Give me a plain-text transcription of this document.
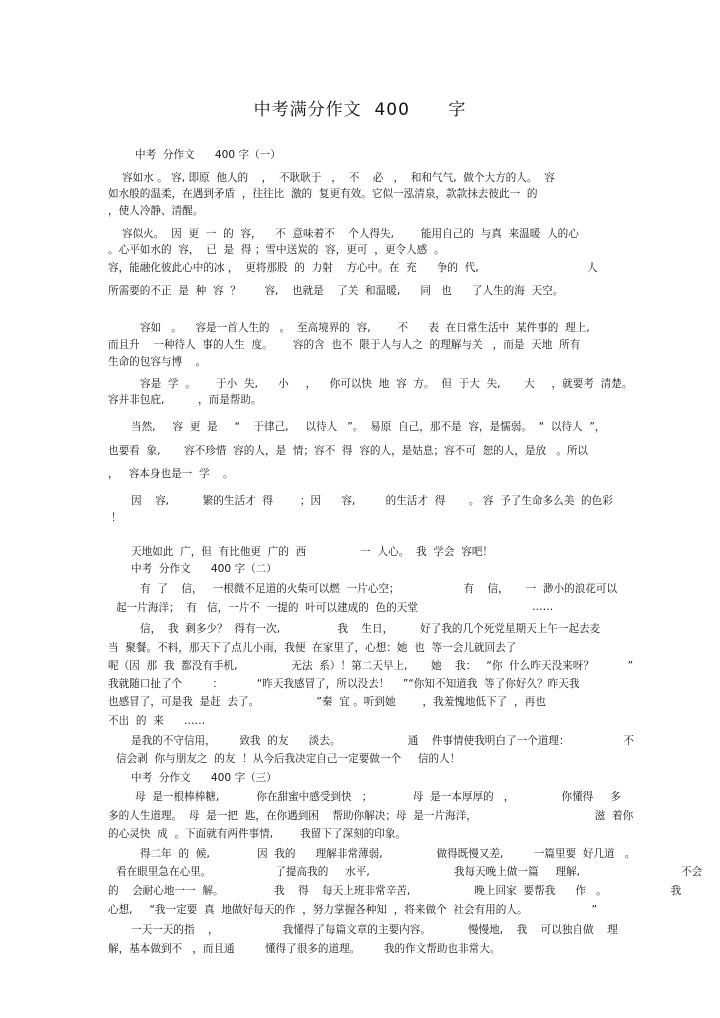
中考满分作文  400      字
中考  分作文      400 字（一）
容如水 。 容, 即原  他人的    ，  不耿耿于   ，  不    必   ，  和和气气,  做个大方的人。  容
如水般的温柔，在遇到矛盾  ，往往比  激的  复更有效。它似一泓清泉，款款抹去彼此一  的
，使人冷静、清醒。
容似火。  因  更  一  的  容，    不  意味着不    个人得失,        能用自己的  与真  来温暖  人的心
。心平如水的  容，  已  是  得 ；雪中送炭的  容，更可  ，更令人感  。
容，能融化彼此心中的冰 ，  更将那股  的  力射    方心中。在  充      争的  代,	人
所需要的不正  是  种  容  ？       容,    也就是    了关  和温暖,      同   也      了人生的海  天空。
容如   。    容是一首人生的   。  至高境界的  容,        不      表  在日常生活中  某件事的  理上,
而且升    一种待人  事的人生  度。      容的含  也不  限于人与人之  的理解与关   ，而是  天地  所有
生命的包容与博    。
容是  学  。      于小  失,      小     ，    你可以快  地  容  方。  但  于大  失,       大     ，就要考  清楚。
容并非包庇,          ，而是帮助。
当然,     容  更  是     “    于律己,     以待人   ”。  易原  自己，那不是  容，是懦弱。  “  以待人  ”，
也要看  象,       容不珍惜  容的人，是  情；容不  得  容的人，是姑息；容不可  恕的人，是放   。所以
，   容本身也是一  学    。
因    容,          繁的生活才  得        ；因      容,         的生活才  得       。 容  予了生命多么美  的色彩
！
天地如此  广，但  有比他更  广的  西                一  人心。  我  学会  容吧！
中考  分作文      400 字（二）
有  了    信，   一根微不足道的火柴可以燃  一片心空；                   有    信，     一  渺小的浪花可以
起一片海洋；  有   信，一片不  一提的  叶可以建成的  色的天堂	……
信，  我  剩多少？  得有一次,                 我    生日，        好了我的几个死党星期天上午一起去麦
当  聚餐。不料，那天下了点儿小雨，我便  在家里了，心想：她  也  等一会儿就回去了
呢（因  那  我  都没有手机,                无法  系）！第二天早上,       她    我：   “你  什么昨天没来呀？          ”
我就随口扯了个         ：          “昨天我感冒了，所以没去！    ”“你知不知道我  等了你好久？昨天我
也感冒了，可是我  是赶  去了。                 ”秦  宜 。听到她        ，我羞愧地低下了  ，再也
不出  的  来      ……
是我的不守信用，       致我  的友      淡去。                    通    件事情使我明白了一个道理：                不
信会剥  你与朋友之  的友  ！从今后我决定自己一定要做一个     信的人！
中考  分作文      400 字（三）
母  是一根棒棒糖,           你在甜蜜中感受到快   ；            母  是一本厚厚的   ，              你懂得     多
多的人生道理。  母  是一把  匙，在你遇到困    帮助你解决；母  是一片海洋，                                   滋  着你
的心灵快  成  。下面就有两件事情,        我留下了深刻的印象。
得二年  的  候,              因  我的      理解非常薄弱,                做得既慢又差,         一篇里要  好几道   。
看在眼里急在心里。                   了提高我的     水平,                         我每天晚上做一篇     理解,                              不会
的    会耐心地一一  解。               我    得    每天上班非常辛苦,                   晚上回家  要帮我      作   。                   我
心想,     “我一定要  真  地做好每天的作  ，努力掌握各种知  ，将来做个  社会有用的人。                   ”
一天一天的指    ，                   我懂得了每篇文章的主要内容。           慢慢地,    我    可以独自做    理
解，基本做到不   ，而且通         懂得了很多的道理。       我的作文帮助也非常大。
